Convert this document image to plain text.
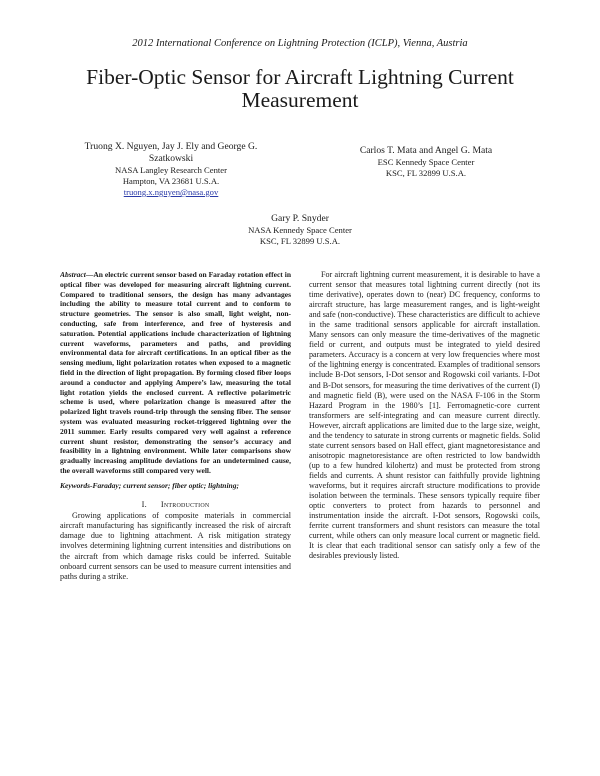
2012 International Conference on Lightning Protection (ICLP), Vienna, Austria
Fiber-Optic Sensor for Aircraft Lightning Current Measurement
Truong X. Nguyen, Jay J. Ely and George G. Szatkowski
NASA Langley Research Center
Hampton, VA 23681 U.S.A.
truong.x.nguyen@nasa.gov
Carlos T. Mata and Angel G. Mata
ESC Kennedy Space Center
KSC, FL 32899 U.S.A.
Gary P. Snyder
NASA Kennedy Space Center
KSC, FL 32899 U.S.A.

Abstract—An electric current sensor based on Faraday rotation effect in optical fiber was developed for measuring aircraft lightning current. Compared to traditional sensors, the design has many advantages including the ability to measure total current and to conform to structure geometries. The sensor is also small, light weight, non-conducting, safe from interference, and free of hysteresis and saturation. Potential applications include characterization of lightning current waveforms, parameters and paths, and providing environmental data for aircraft certifications. In an optical fiber as the sensing medium, light polarization rotates when exposed to a magnetic field in the direction of light propagation. By forming closed fiber loops around a conductor and applying Ampere’s law, measuring the total light rotation yields the enclosed current. A reflective polarimetric scheme is used, where polarization change is measured after the polarized light travels round-trip through the sensing fiber. The sensor system was evaluated measuring rocket-triggered lightning over the 2011 summer. Early results compared very well against a reference current shunt resistor, demonstrating the sensor’s accuracy and feasibility in a lightning environment. While later comparisons show gradually increasing amplitude deviations for an undetermined cause, the overall waveforms still compared very well.

Keywords-Faraday; current sensor; fiber optic; lightning;

I. Introduction

Growing applications of composite materials in commercial aircraft manufacturing has significantly increased the risk of aircraft damage due to lightning attachment. A risk mitigation strategy involves determining lightning current intensities and distributions on the aircraft from which damage risks could be inferred. Suitable onboard current sensors can be used to measure current intensities and paths during a strike.

For aircraft lightning current measurement, it is desirable to have a current sensor that measures total lightning current directly (not its time derivative), operates down to (near) DC frequency, conforms to aircraft structure, has large measurement ranges, and is light-weight and safe (non-conductive). These characteristics are difficult to achieve in the same traditional sensors applicable for aircraft installation. Many sensors can only measure the time-derivatives of the magnetic field or current, and outputs must be integrated to yield desired parameters. Accuracy is a concern at very low frequencies where most of the lightning energy is concentrated. Examples of traditional sensors include B-Dot sensors, I-Dot sensor and Rogowski coil variants. I-Dot and B-Dot sensors, for measuring the time derivatives of the current (I) and magnetic field (B), were used on the NASA F-106 in the Storm Hazard Program in the 1980’s [1]. Ferromagnetic-core current transformers are self-integrating and can measure current directly. However, aircraft applications are limited due to the large size, weight, and the tendency to saturate in strong currents or magnetic fields. Solid state current sensors based on Hall effect, giant magnetoresistance and anisotropic magnetoresistance are often restricted to low bandwidth (up to a few hundred kilohertz) and must be protected from strong fields and currents. A shunt resistor can faithfully provide lightning waveforms, but it requires aircraft structure modifications to provide isolation between the terminals. These sensors typically require fiber optic converters to protect from hazards to personnel and instrumentation inside the aircraft. I-Dot sensors, Rogowski coils, ferrite current transformers and shunt resistors can measure the total current, while others can only measure local current or magnetic field. It is clear that each traditional sensor can satisfy only a few of the desirables previously listed.
